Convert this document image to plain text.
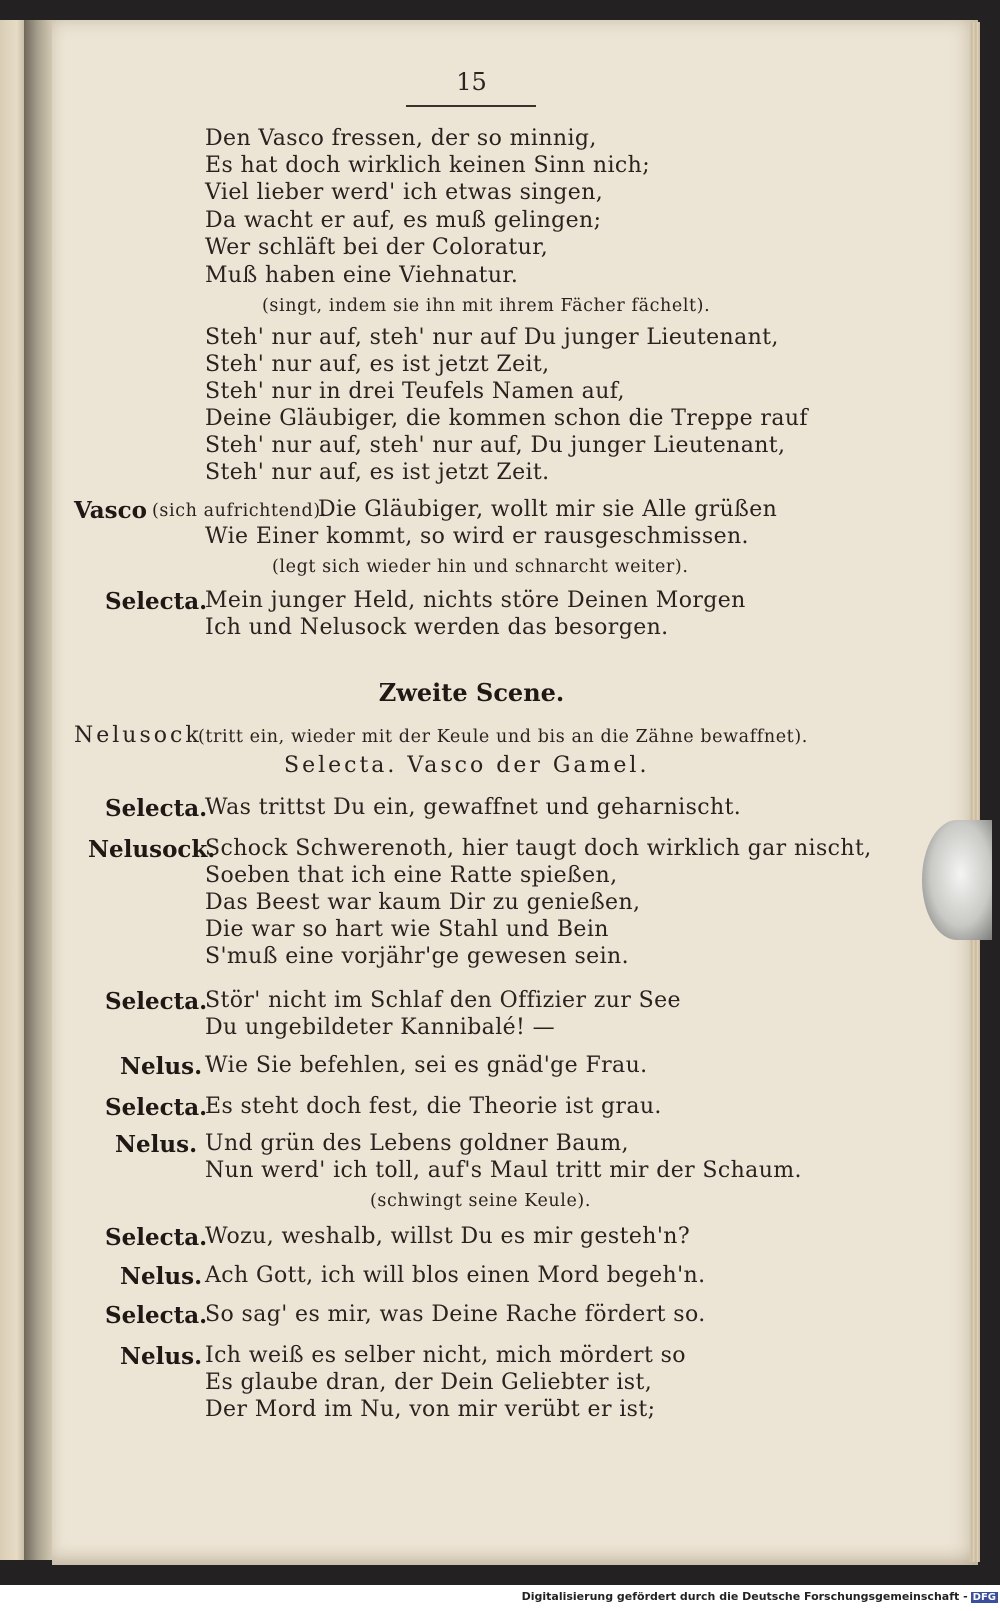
15
Den Vasco fressen, der so minnig,
Es hat doch wirklich keinen Sinn nich;
Viel lieber werd' ich etwas singen,
Da wacht er auf, es muß gelingen;
Wer schläft bei der Coloratur,
Muß haben eine Viehnatur.
(singt, indem sie ihn mit ihrem Fächer fächelt).
Steh' nur auf, steh' nur auf Du junger Lieutenant,
Steh' nur auf, es ist jetzt Zeit,
Steh' nur in drei Teufels Namen auf,
Deine Gläubiger, die kommen schon die Treppe rauf
Steh' nur auf, steh' nur auf, Du junger Lieutenant,
Steh' nur auf, es ist jetzt Zeit.
Vasco (sich aufrichtend).
Die Gläubiger, wollt mir sie Alle grüßen
Wie Einer kommt, so wird er rausgeschmissen.
(legt sich wieder hin und schnarcht weiter).
Selecta.
Mein junger Held, nichts störe Deinen Morgen
Ich und Nelusock werden das besorgen.
Zweite Scene.
Nelusock
(tritt ein, wieder mit der Keule und bis an die Zähne bewaffnet).
Selecta. Vasco der Gamel.
Selecta.
Was trittst Du ein, gewaffnet und geharnischt.
Nelusock.
Schock Schwerenoth, hier taugt doch wirklich gar nischt,
Soeben that ich eine Ratte spießen,
Das Beest war kaum Dir zu genießen,
Die war so hart wie Stahl und Bein
S'muß eine vorjähr'ge gewesen sein.
Selecta.
Stör' nicht im Schlaf den Offizier zur See
Du ungebildeter Kannibalé! —
Nelus. Wie Sie befehlen, sei es gnäd'ge Frau.
Selecta.
Es steht doch fest, die Theorie ist grau.
Nelus. Und grün des Lebens goldner Baum,
Nun werd' ich toll, auf's Maul tritt mir der Schaum.
(schwingt seine Keule).
Selecta.
Wozu, weshalb, willst Du es mir gesteh'n?
Nelus. Ach Gott, ich will blos einen Mord begeh'n.
Selecta.
So sag' es mir, was Deine Rache fördert so.
Nelus. Ich weiß es selber nicht, mich mördert so
Es glaube dran, der Dein Geliebter ist,
Der Mord im Nu, von mir verübt er ist;
Digitalisierung gefördert durch die Deutsche Forschungsgemeinschaft - DFG
